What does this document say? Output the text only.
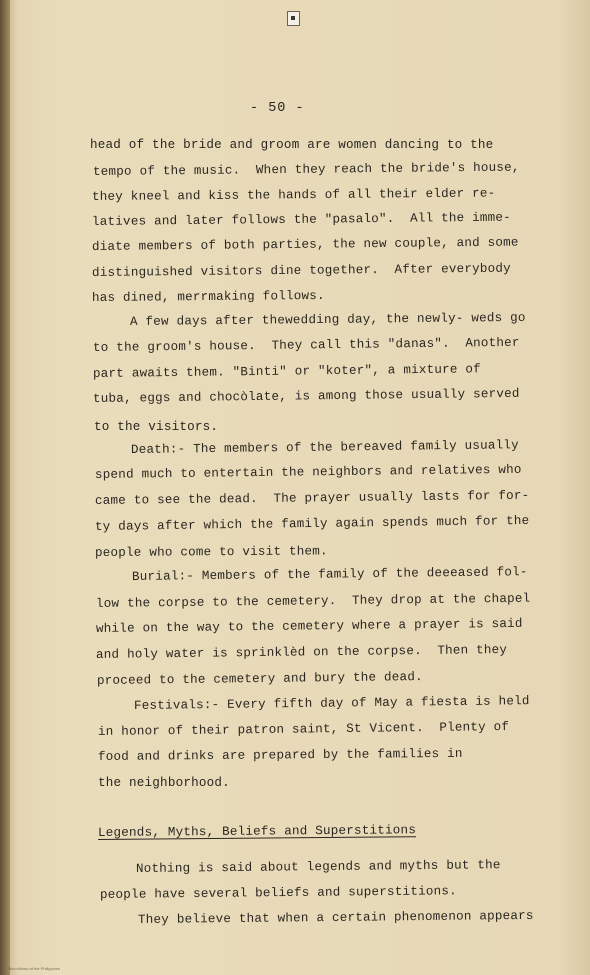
- 50 -
head of the bride and groom are women dancing to the
tempo of the music.  When they reach the bride's house,
they kneel and kiss the hands of all their elder re-
latives and later follows the "pasalo".  All the imme-
diate members of both parties, the new couple, and some
distinguished visitors dine together.  After everybody
has dined, merrmaking follows.
A few days after thewedding day, the newly- weds go
to the groom's house.  They call this "danas".  Another
part awaits them. "Binti" or "koter", a mixture of
tuba, eggs and chocòlate, is among those usually served
to the visitors.
Death:- The members of the bereaved family usually
spend much to entertain the neighbors and relatives who
came to see the dead.  The prayer usually lasts for for-
ty days after which the family again spends much for the
people who come to visit them.
Burial:- Members of the family of the deeeased fol-
low the corpse to the cemetery.  They drop at the chapel
while on the way to the cemetery where a prayer is said
and holy water is sprinklèd on the corpse.  Then they
proceed to the cemetery and bury the dead.
Festivals:- Every fifth day of May a fiesta is held
in honor of their patron saint, St Vicent.  Plenty of
food and drinks are prepared by the families in
the neighborhood.
Legends, Myths, Beliefs and Superstitions
Nothing is said about legends and myths but the
people have several beliefs and superstitions.
They believe that when a certain phenomenon appears
Microfilmed at the Philippines
